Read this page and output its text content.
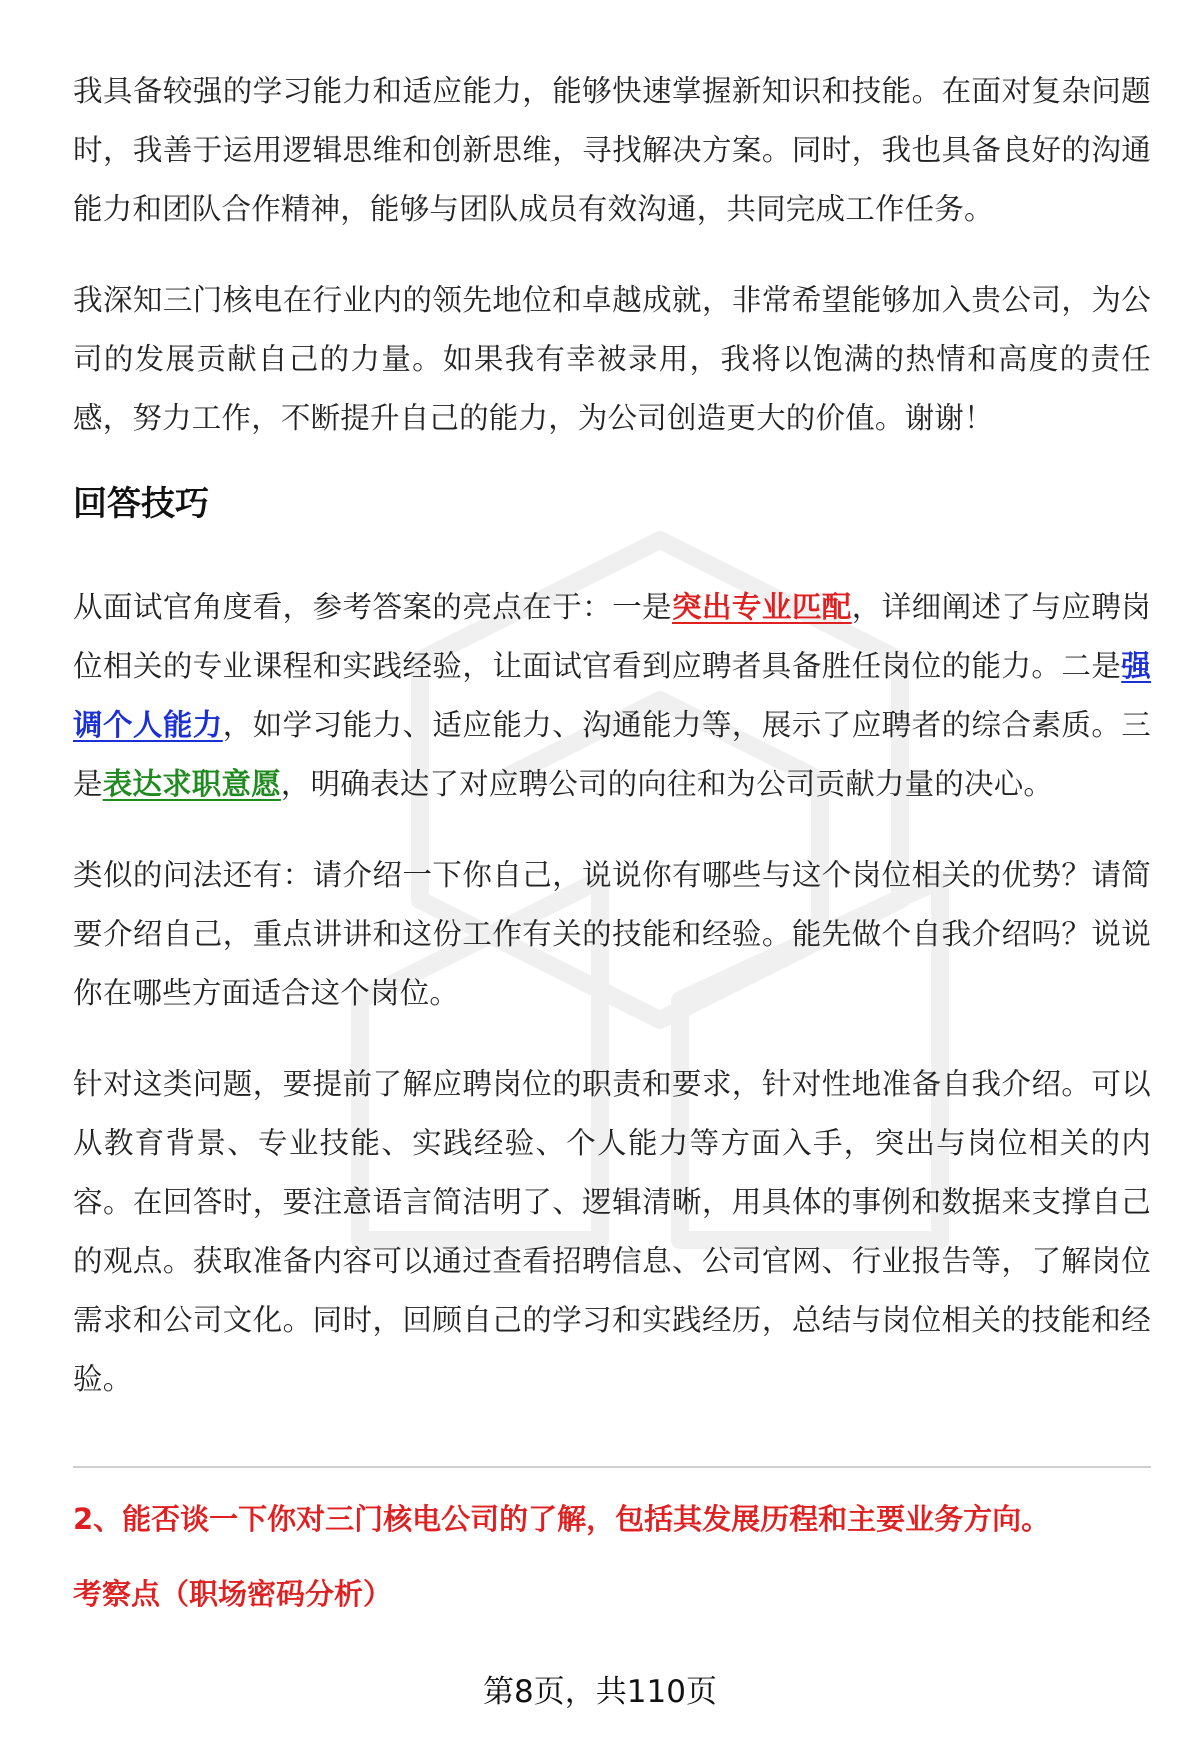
我具备较强的学习能力和适应能力，能够快速掌握新知识和技能。在面对复杂问题时，我善于运用逻辑思维和创新思维，寻找解决方案。同时，我也具备良好的沟通能力和团队合作精神，能够与团队成员有效沟通，共同完成工作任务。

我深知三门核电在行业内的领先地位和卓越成就，非常希望能够加入贵公司，为公司的发展贡献自己的力量。如果我有幸被录用，我将以饱满的热情和高度的责任感，努力工作，不断提升自己的能力，为公司创造更大的价值。谢谢！

回答技巧

从面试官角度看，参考答案的亮点在于：一是突出专业匹配，详细阐述了与应聘岗位相关的专业课程和实践经验，让面试官看到应聘者具备胜任岗位的能力。二是强调个人能力，如学习能力、适应能力、沟通能力等，展示了应聘者的综合素质。三是表达求职意愿，明确表达了对应聘公司的向往和为公司贡献力量的决心。

类似的问法还有：请介绍一下你自己，说说你有哪些与这个岗位相关的优势？请简要介绍自己，重点讲讲和这份工作有关的技能和经验。能先做个自我介绍吗？说说你在哪些方面适合这个岗位。

针对这类问题，要提前了解应聘岗位的职责和要求，针对性地准备自我介绍。可以从教育背景、专业技能、实践经验、个人能力等方面入手，突出与岗位相关的内容。在回答时，要注意语言简洁明了、逻辑清晰，用具体的事例和数据来支撑自己的观点。获取准备内容可以通过查看招聘信息、公司官网、行业报告等，了解岗位需求和公司文化。同时，回顾自己的学习和实践经历，总结与岗位相关的技能和经验。

2、能否谈一下你对三门核电公司的了解，包括其发展历程和主要业务方向。
考察点（职场密码分析）
第8页，共110页
